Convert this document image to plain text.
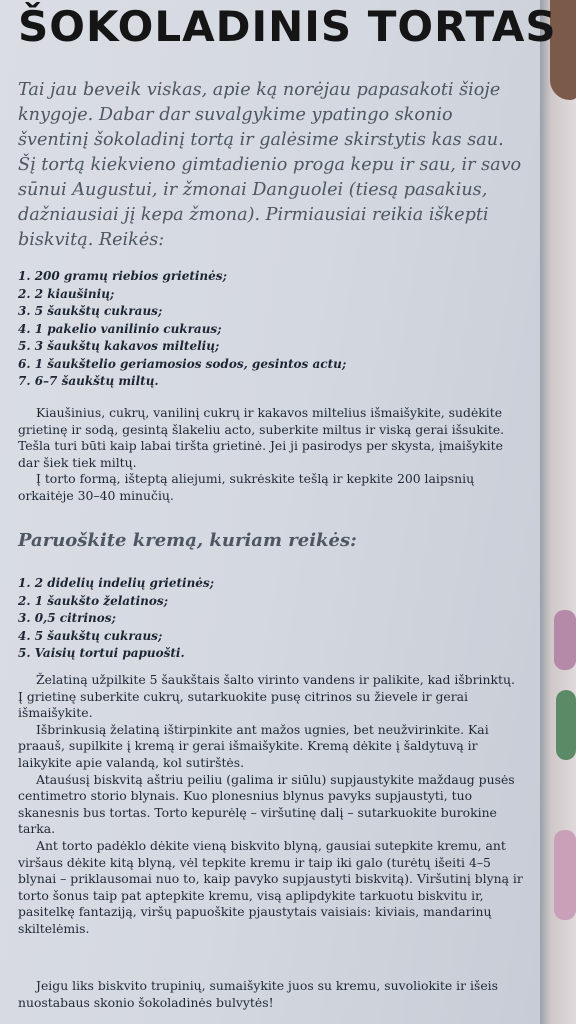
ŠOKOLADINIS TORTAS

Tai jau beveik viskas, apie ką norėjau papasakoti šioje knygoje. Dabar dar suvalgykime ypatingo skonio šventinį šokoladinį tortą ir galėsime skirstytis kas sau. Šį tortą kiekvieno gimtadienio proga kepu ir sau, ir savo sūnui Augustui, ir žmonai Danguolei (tiesą pasakius, dažniausiai jį kepa žmona). Pirmiausiai reikia iškepti biskvitą. Reikės:

1. 200 gramų riebios grietinės;
2. 2 kiaušinių;
3. 5 šaukštų cukraus;
4. 1 pakelio vanilinio cukraus;
5. 3 šaukštų kakavos miltelių;
6. 1 šaukštelio geriamosios sodos, gesintos actu;
7. 6–7 šaukštų miltų.

Kiaušinius, cukrų, vanilinį cukrų ir kakavos miltelius išmaišykite, sudėkite grietinę ir sodą, gesintą šlakeliu acto, suberkite miltus ir viską gerai išsukite. Tešla turi būti kaip labai tiršta grietinė. Jei ji pasirodys per skysta, įmaišykite dar šiek tiek miltų.

Į torto formą, išteptą aliejumi, sukrėskite tešlą ir kepkite 200 laipsnių orkaitėje 30–40 minučių.

Paruoškite kremą, kuriam reikės:
1. 2 didelių indelių grietinės;
2. 1 šaukšto želatinos;
3. 0,5 citrinos;
4. 5 šaukštų cukraus;
5. Vaisių tortui papuošti.

Želatiną užpilkite 5 šaukštais šalto virinto vandens ir palikite, kad išbrinktų. Į grietinę suberkite cukrų, sutarkuokite pusę citrinos su žievele ir gerai išmaišykite.

Išbrinkusią želatiną ištirpinkite ant mažos ugnies, bet neužvirinkite. Kai praauš, supilkite į kremą ir gerai išmaišykite. Kremą dėkite į šaldytuvą ir laikykite apie valandą, kol sutirštės.

Atauśusį biskvitą aštriu peiliu (galima ir siūlu) supjaustykite maždaug pusės centimetro storio blynais. Kuo plonesnius blynus pavyks supjaustyti, tuo skanesnis bus tortas. Torto kepurėlę – viršutinę dalį – sutarkuokite burokine tarka.

Ant torto padėklo dėkite vieną biskvito blyną, gausiai sutepkite kremu, ant viršaus dėkite kitą blyną, vėl tepkite kremu ir taip iki galo (turėtų išeiti 4–5 blynai – priklausomai nuo to, kaip pavyko supjaustyti biskvitą). Viršutinį blyną ir torto šonus taip pat aptepkite kremu, visą aplipdykite tarkuotu biskvitu ir, pasitelkę fantaziją, viršų papuoškite pjaustytais vaisiais: kiviais, mandarinų skiltelėmis.

Jeigu liks biskvito trupinių, sumaišykite juos su kremu, suvoliokite ir išeis nuostabaus skonio šokoladinės bulvytės!
